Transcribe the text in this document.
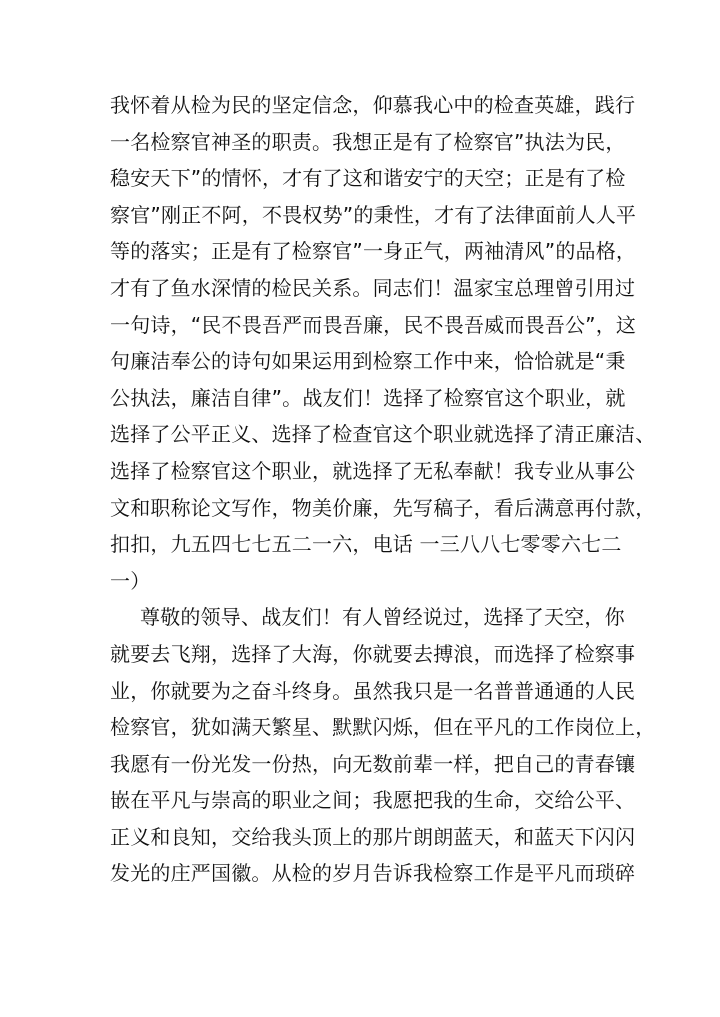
我怀着从检为民的坚定信念，仰慕我心中的检查英雄，践行
一名检察官神圣的职责。我想正是有了检察官”执法为民，
稳安天下”的情怀，才有了这和谐安宁的天空；正是有了检
察官”刚正不阿，不畏权势”的秉性，才有了法律面前人人平
等的落实；正是有了检察官”一身正气，两袖清风”的品格，
才有了鱼水深情的检民关系。同志们！温家宝总理曾引用过
一句诗，“民不畏吾严而畏吾廉，民不畏吾威而畏吾公”，这
句廉洁奉公的诗句如果运用到检察工作中来，恰恰就是“秉
公执法，廉洁自律”。战友们！选择了检察官这个职业，就
选择了公平正义、选择了检查官这个职业就选择了清正廉洁、
选择了检察官这个职业，就选择了无私奉献！我专业从事公
文和职称论文写作，物美价廉，先写稿子，看后满意再付款，
扣扣，九五四七七五二一六，电话 一三八八七零零六七二
一）
尊敬的领导、战友们！有人曾经说过，选择了天空，你
就要去飞翔，选择了大海，你就要去搏浪，而选择了检察事
业，你就要为之奋斗终身。虽然我只是一名普普通通的人民
检察官，犹如满天繁星、默默闪烁，但在平凡的工作岗位上，
我愿有一份光发一份热，向无数前辈一样，把自己的青春镶
嵌在平凡与崇高的职业之间；我愿把我的生命，交给公平、
正义和良知，交给我头顶上的那片朗朗蓝天，和蓝天下闪闪
发光的庄严国徽。从检的岁月告诉我检察工作是平凡而琐碎
